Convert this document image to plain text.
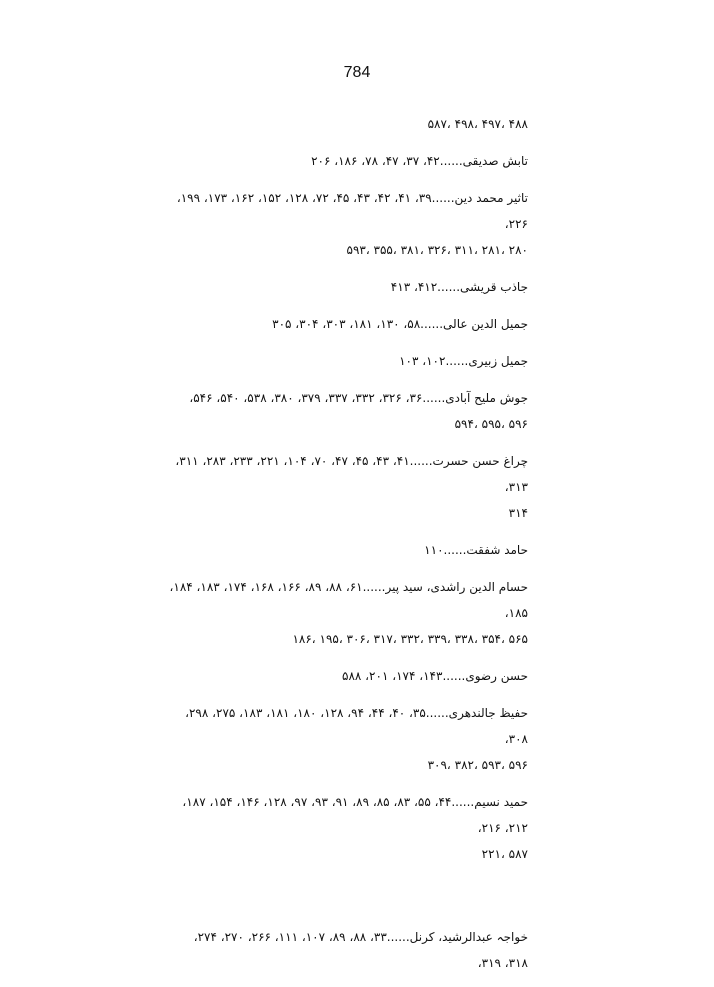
784
۵۸۷، ۴۹۸، ۴۹۷، ۴۸۸
تابش صدیقی......۴۲، ۳۷، ۴۷، ۷۸، ۱۸۶، ۲۰۶
تاثیر محمد دین......۳۹، ۴۱، ۴۲، ۴۳، ۴۵، ۷۲، ۱۲۸، ۱۵۲، ۱۶۲، ۱۷۳، ۱۹۹، ۲۲۶،
۵۹۳، ۳۵۵، ۳۸۱، ۳۲۶، ۳۱۱، ۲۸۱، ۲۸۰
جاذب قریشی......۴۱۲، ۴۱۳
جمیل الدین عالی......۵۸، ۱۳۰، ۱۸۱، ۳۰۳، ۳۰۴، ۳۰۵
جمیل زبیری......۱۰۲، ۱۰۳
جوش ملیح آبادی......۳۶، ۳۲۶، ۳۳۲، ۳۳۷، ۳۷۹، ۳۸۰، ۵۳۸، ۵۴۰، ۵۴۶،
۵۹۴، ۵۹۵، ۵۹۶
چراغ حسن حسرت......۴۱، ۴۳، ۴۵، ۴۷، ۷۰، ۱۰۴، ۲۲۱، ۲۳۳، ۲۸۳، ۳۱۱، ۳۱۳،
۳۱۴
حامد شفقت......۱۱۰
حسام الدین راشدی، سید پیر......۶۱، ۸۸، ۸۹، ۱۶۶، ۱۶۸، ۱۷۴، ۱۸۳، ۱۸۴، ۱۸۵،
۱۸۶، ۱۹۵، ۳۰۶، ۳۱۷، ۳۳۲، ۳۳۹، ۳۳۸، ۳۵۴، ۵۶۵
حسن رضوی......۱۴۳، ۱۷۴، ۲۰۱، ۵۸۸
حفیظ جالندھری......۳۵، ۴۰، ۴۴، ۹۴، ۱۲۸، ۱۸۰، ۱۸۱، ۱۸۳، ۲۷۵، ۲۹۸، ۳۰۸،
۳۰۹، ۳۸۲، ۵۹۳، ۵۹۶
حمید نسیم......۴۴، ۵۵، ۸۳، ۸۵، ۸۹، ۹۱، ۹۳، ۹۷، ۱۲۸، ۱۴۶، ۱۵۴، ۱۸۷، ۲۱۲، ۲۱۶،
۲۲۱، ۵۸۷
خواجہ عبدالرشید، کرنل......۳۳، ۸۸، ۸۹، ۱۰۷، ۱۱۱، ۲۶۶، ۲۷۰، ۲۷۴، ۳۱۸، ۳۱۹،
